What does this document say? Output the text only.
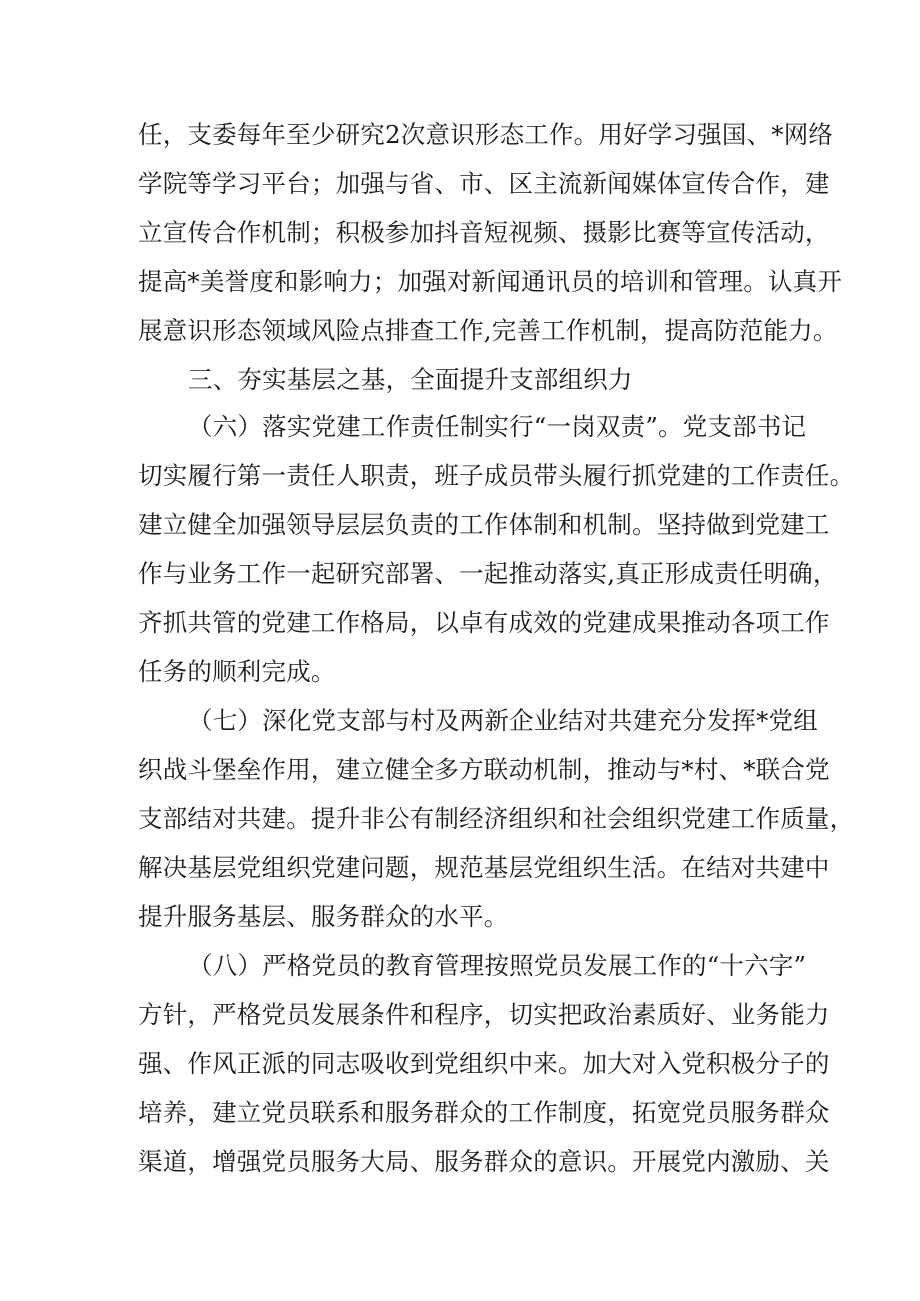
任，支委每年至少研究2次意识形态工作。用好学习强国、*网络
学院等学习平台；加强与省、市、区主流新闻媒体宣传合作，建
立宣传合作机制；积极参加抖音短视频、摄影比赛等宣传活动，
提高*美誉度和影响力；加强对新闻通讯员的培训和管理。认真开
展意识形态领域风险点排查工作,完善工作机制，提高防范能力。
三、夯实基层之基，全面提升支部组织力
（六）落实党建工作责任制实行“一岗双责”。党支部书记
切实履行第一责任人职责，班子成员带头履行抓党建的工作责任。
建立健全加强领导层层负责的工作体制和机制。坚持做到党建工
作与业务工作一起研究部署、一起推动落实,真正形成责任明确，
齐抓共管的党建工作格局，以卓有成效的党建成果推动各项工作
任务的顺利完成。
（七）深化党支部与村及两新企业结对共建充分发挥*党组
织战斗堡垒作用，建立健全多方联动机制，推动与*村、*联合党
支部结对共建。提升非公有制经济组织和社会组织党建工作质量，
解决基层党组织党建问题，规范基层党组织生活。在结对共建中
提升服务基层、服务群众的水平。
（八）严格党员的教育管理按照党员发展工作的“十六字”
方针，严格党员发展条件和程序，切实把政治素质好、业务能力
强、作风正派的同志吸收到党组织中来。加大对入党积极分子的
培养，建立党员联系和服务群众的工作制度，拓宽党员服务群众
渠道，增强党员服务大局、服务群众的意识。开展党内激励、关
